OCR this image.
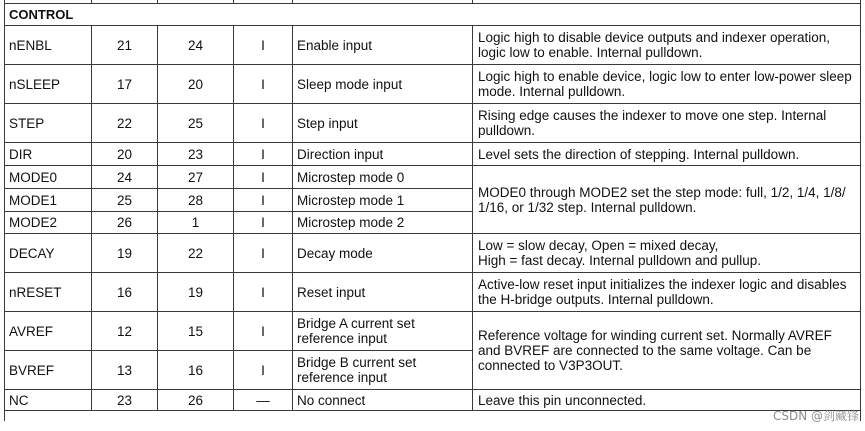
CONTROL					
nENBL	21	24	I	Enable input	Logic high to disable device outputs and indexer operation,
logic low to enable. Internal pulldown.
nSLEEP	17	20	I	Sleep mode input	Logic high to enable device, logic low to enter low-power sleep
mode. Internal pulldown.
STEP	22	25	I	Step input	Rising edge causes the indexer to move one step. Internal
pulldown.
DIR	20	23	I	Direction input	Level sets the direction of stepping. Internal pulldown.
MODE0	24	27	I	Microstep mode 0	MODE0 through MODE2 set the step mode: full, 1/2, 1/4, 1/8/
1/16, or 1/32 step. Internal pulldown.
MODE1	25	28	I	Microstep mode 1	
MODE2	26	1	I	Microstep mode 2	
DECAY	19	22	I	Decay mode	Low = slow decay, Open = mixed decay,
High = fast decay. Internal pulldown and pullup.
nRESET	16	19	I	Reset input	Active-low reset input initializes the indexer logic and disables
the H-bridge outputs. Internal pulldown.
AVREF	12	15	I	Bridge A current set
reference input	Reference voltage for winding current set. Normally AVREF
and BVREF are connected to the same voltage. Can be
connected to V3P3OUT.
BVREF	13	16	I	Bridge B current set
reference input	
NC	23	26	—	No connect	Leave this pin unconnected.

CSDN @剑藏锋
